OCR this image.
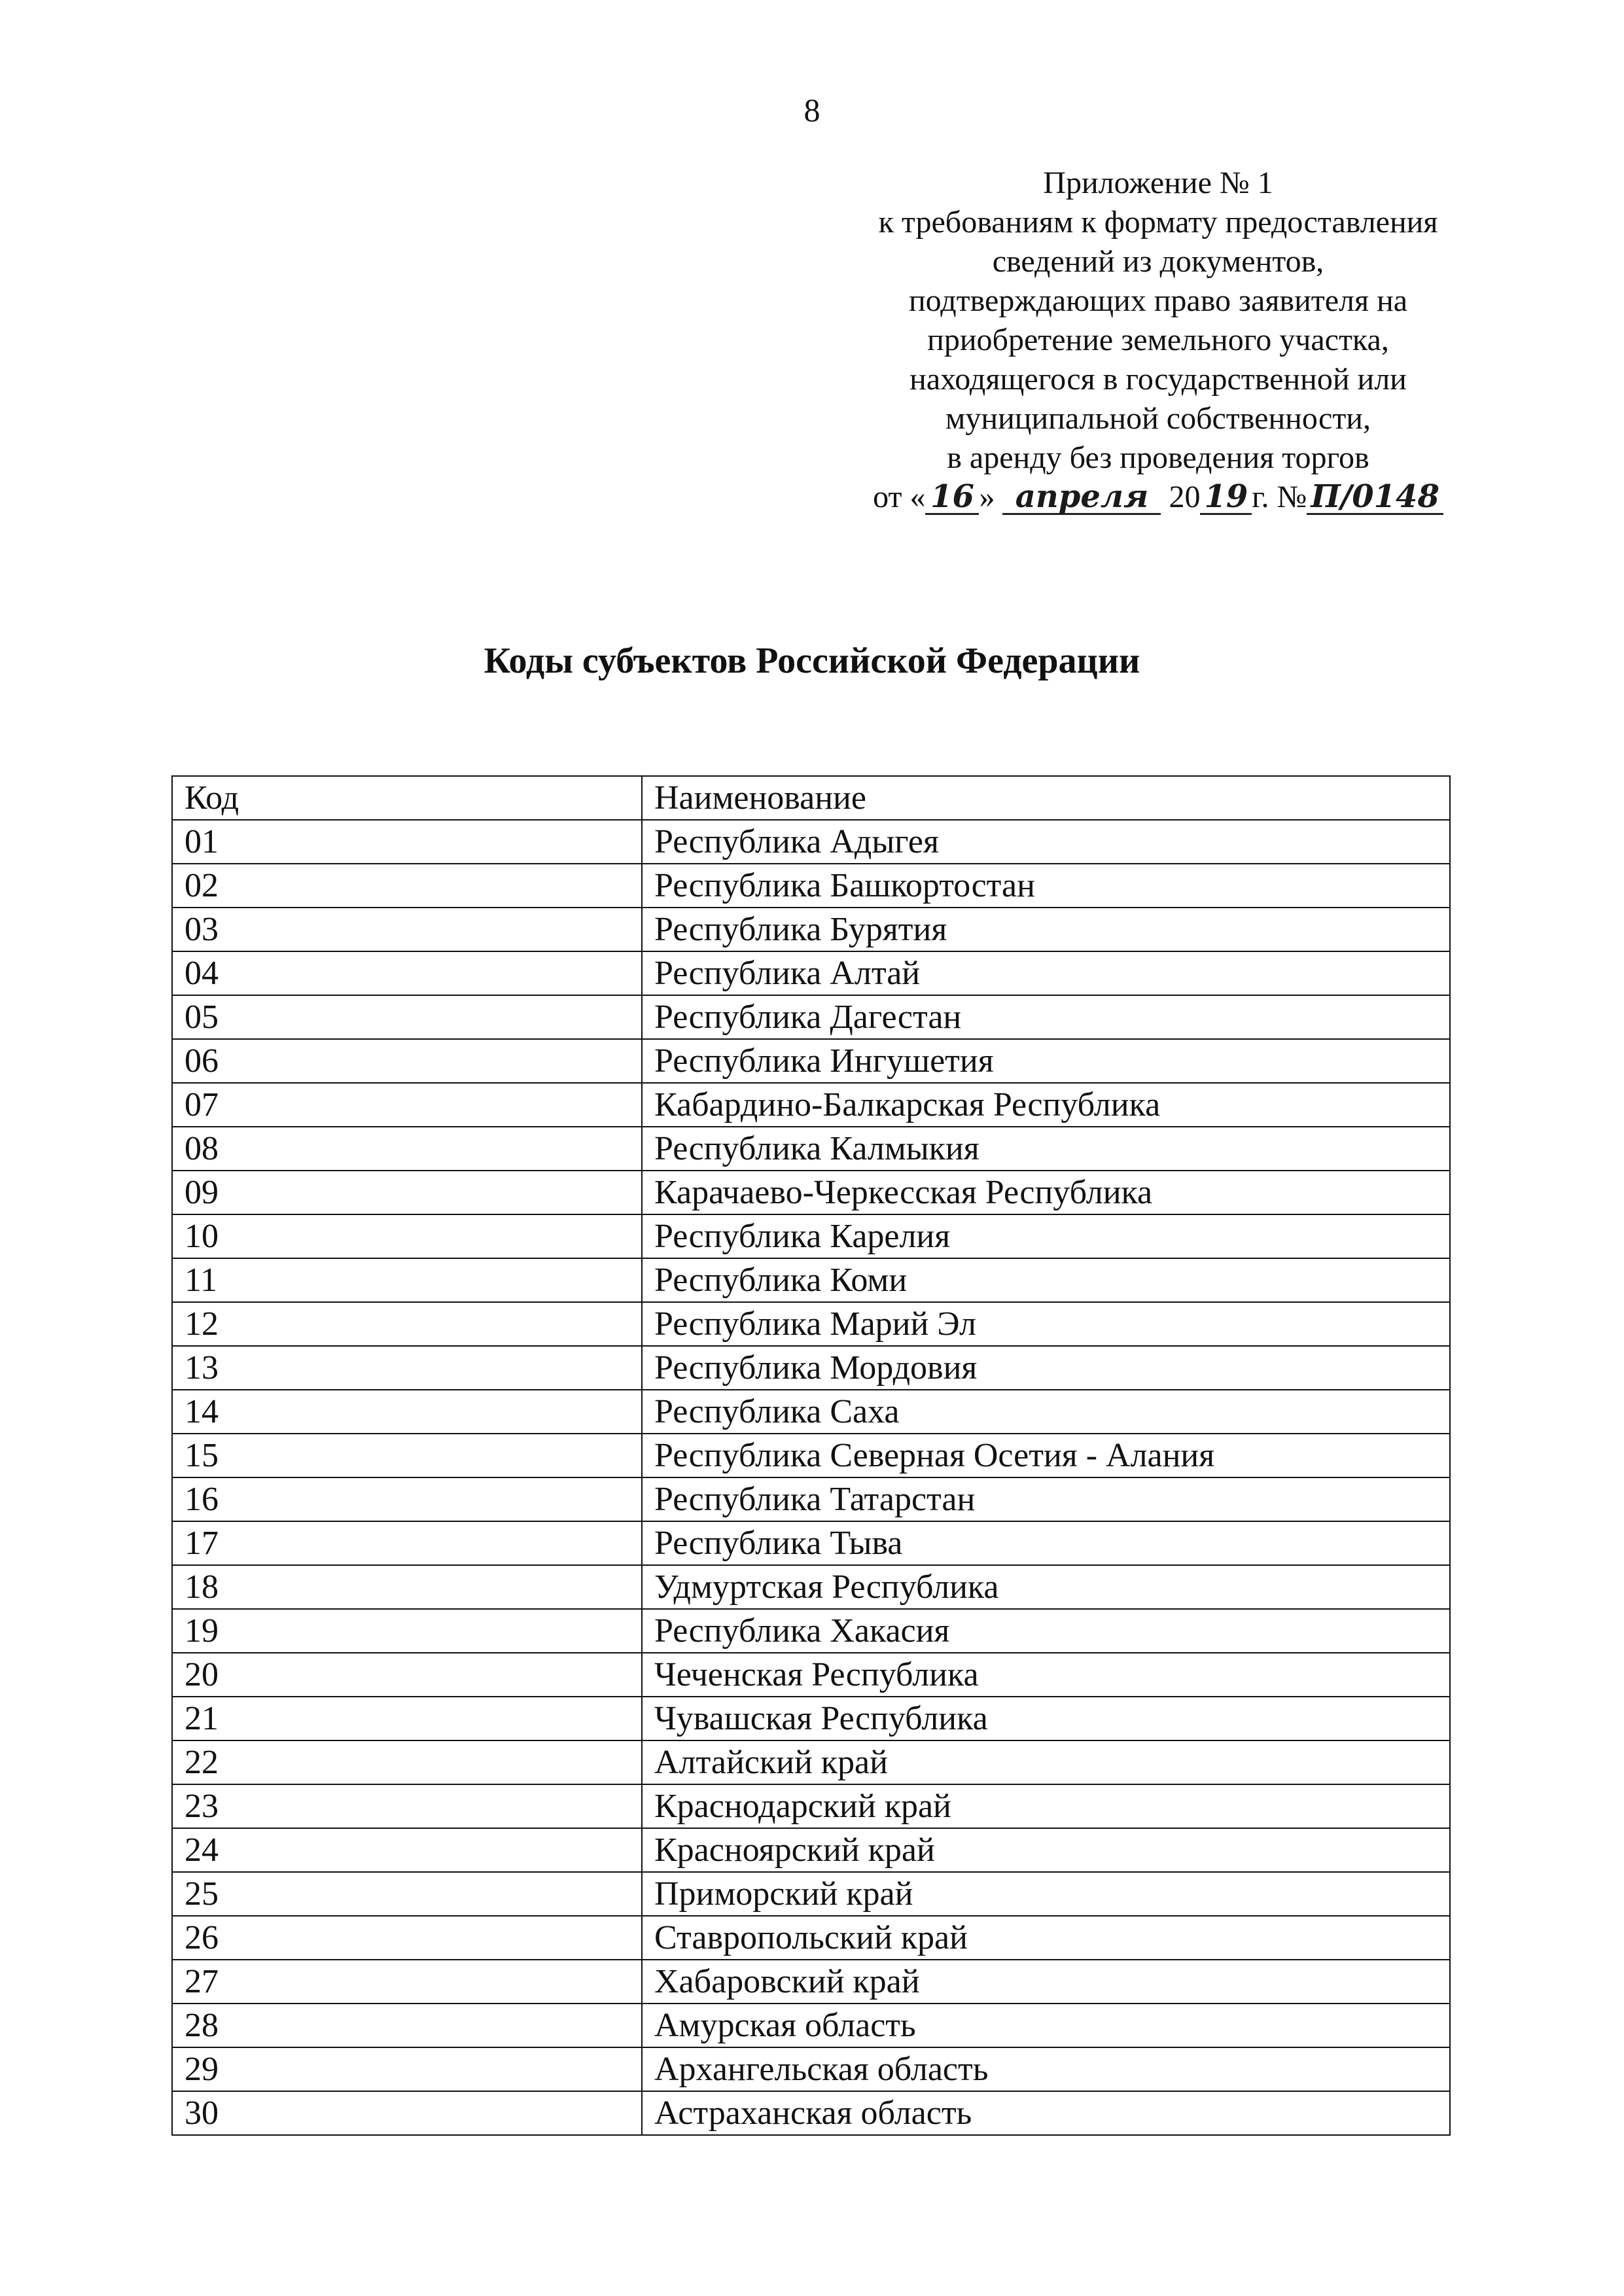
8
Приложение № 1
к требованиям к формату предоставления
сведений из документов,
подтверждающих право заявителя на
приобретение земельного участка,
находящегося в государственной или
муниципальной собственности,
в аренду без проведения торгов
от « 16 » апреля 20 19 г. № П/0148
Коды субъектов Российской Федерации
Код	Наименование
01	Республика Адыгея
02	Республика Башкортостан
03	Республика Бурятия
04	Республика Алтай
05	Республика Дагестан
06	Республика Ингушетия
07	Кабардино-Балкарская Республика
08	Республика Калмыкия
09	Карачаево-Черкесская Республика
10	Республика Карелия
11	Республика Коми
12	Республика Марий Эл
13	Республика Мордовия
14	Республика Саха
15	Республика Северная Осетия - Алания
16	Республика Татарстан
17	Республика Тыва
18	Удмуртская Республика
19	Республика Хакасия
20	Чеченская Республика
21	Чувашская Республика
22	Алтайский край
23	Краснодарский край
24	Красноярский край
25	Приморский край
26	Ставропольский край
27	Хабаровский край
28	Амурская область
29	Архангельская область
30	Астраханская область
